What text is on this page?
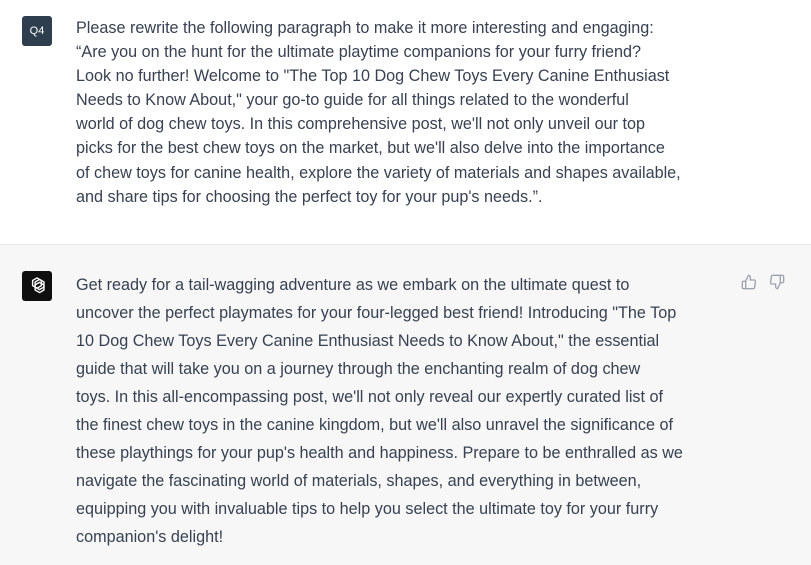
Q4 Please rewrite the following paragraph to make it more interesting and engaging:
“Are you on the hunt for the ultimate playtime companions for your furry friend?
Look no further! Welcome to "The Top 10 Dog Chew Toys Every Canine Enthusiast
Needs to Know About," your go-to guide for all things related to the wonderful
world of dog chew toys. In this comprehensive post, we'll not only unveil our top
picks for the best chew toys on the market, but we'll also delve into the importance
of chew toys for canine health, explore the variety of materials and shapes available,
and share tips for choosing the perfect toy for your pup's needs.”.

Get ready for a tail-wagging adventure as we embark on the ultimate quest to
uncover the perfect playmates for your four-legged best friend! Introducing "The Top
10 Dog Chew Toys Every Canine Enthusiast Needs to Know About," the essential
guide that will take you on a journey through the enchanting realm of dog chew
toys. In this all-encompassing post, we'll not only reveal our expertly curated list of
the finest chew toys in the canine kingdom, but we'll also unravel the significance of
these playthings for your pup's health and happiness. Prepare to be enthralled as we
navigate the fascinating world of materials, shapes, and everything in between,
equipping you with invaluable tips to help you select the ultimate toy for your furry
companion's delight!
